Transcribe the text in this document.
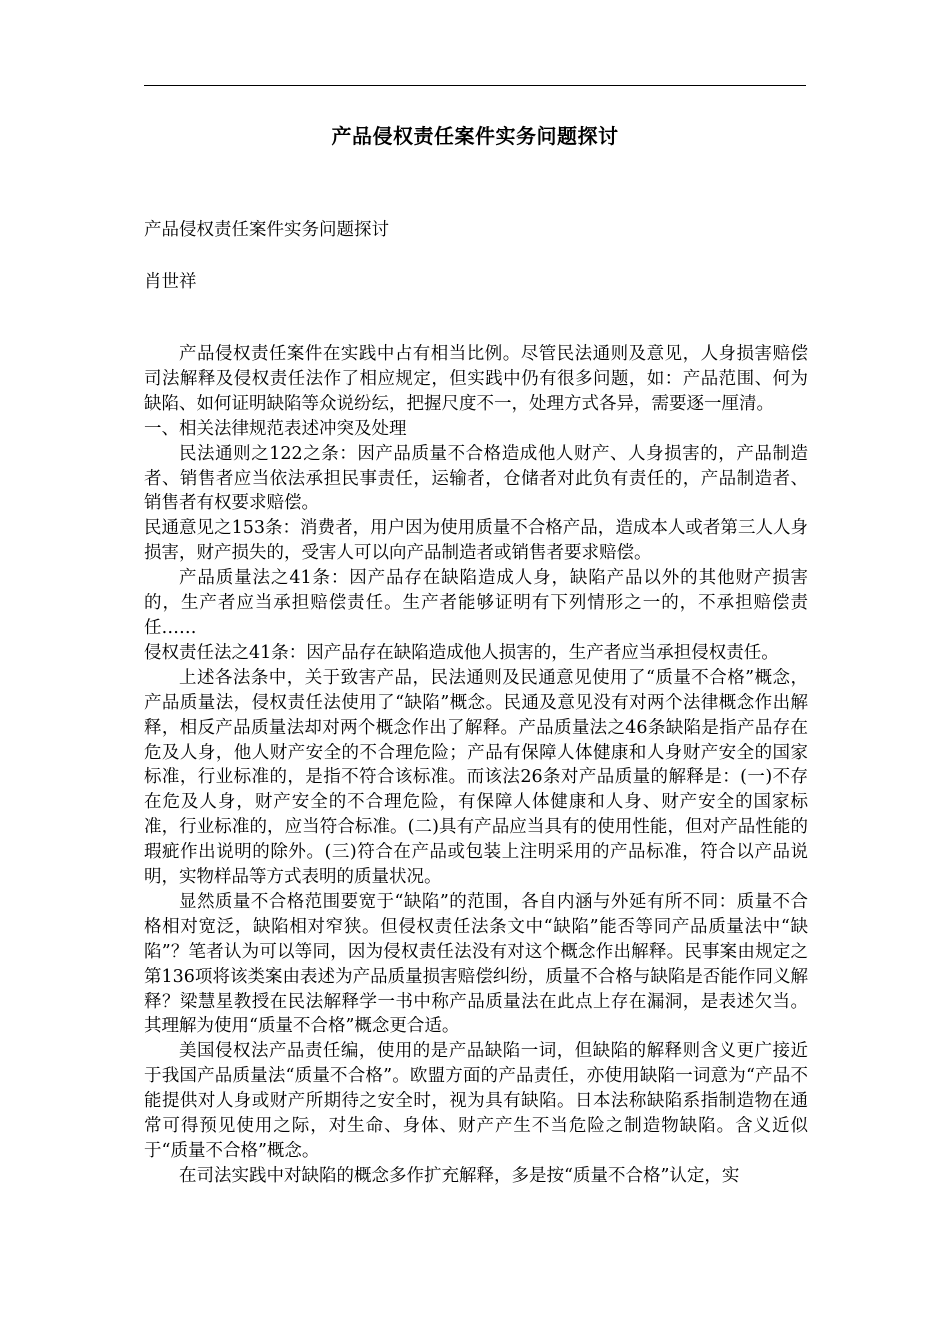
产品侵权责任案件实务问题探讨
产品侵权责任案件实务问题探讨
肖世祥

产品侵权责任案件在实践中占有相当比例。尽管民法通则及意见，人身损害赔偿司法解释及侵权责任法作了相应规定，但实践中仍有很多问题，如：产品范围、何为缺陷、如何证明缺陷等众说纷纭，把握尺度不一，处理方式各异，需要逐一厘清。

一、相关法律规范表述冲突及处理

民法通则之122之条：因产品质量不合格造成他人财产、人身损害的，产品制造者、销售者应当依法承担民事责任，运输者，仓储者对此负有责任的，产品制造者、销售者有权要求赔偿。

民通意见之153条：消费者，用户因为使用质量不合格产品，造成本人或者第三人人身损害，财产损失的，受害人可以向产品制造者或销售者要求赔偿。

产品质量法之41条：因产品存在缺陷造成人身，缺陷产品以外的其他财产损害的，生产者应当承担赔偿责任。生产者能够证明有下列情形之一的，不承担赔偿责任……

侵权责任法之41条：因产品存在缺陷造成他人损害的，生产者应当承担侵权责任。

上述各法条中，关于致害产品，民法通则及民通意见使用了“质量不合格”概念，产品质量法，侵权责任法使用了“缺陷”概念。民通及意见没有对两个法律概念作出解释，相反产品质量法却对两个概念作出了解释。产品质量法之46条缺陷是指产品存在危及人身，他人财产安全的不合理危险；产品有保障人体健康和人身财产安全的国家标准，行业标准的，是指不符合该标准。而该法26条对产品质量的解释是：(一)不存在危及人身，财产安全的不合理危险，有保障人体健康和人身、财产安全的国家标准，行业标准的，应当符合标准。(二)具有产品应当具有的使用性能，但对产品性能的瑕疵作出说明的除外。(三)符合在产品或包装上注明采用的产品标准，符合以产品说明，实物样品等方式表明的质量状况。

显然质量不合格范围要宽于“缺陷”的范围，各自内涵与外延有所不同：质量不合格相对宽泛，缺陷相对窄狭。但侵权责任法条文中“缺陷”能否等同产品质量法中“缺陷”？笔者认为可以等同，因为侵权责任法没有对这个概念作出解释。民事案由规定之第136项将该类案由表述为产品质量损害赔偿纠纷，质量不合格与缺陷是否能作同义解释？梁慧星教授在民法解释学一书中称产品质量法在此点上存在漏洞，是表述欠当。其理解为使用“质量不合格”概念更合适。

美国侵权法产品责任编，使用的是产品缺陷一词，但缺陷的解释则含义更广接近于我国产品质量法“质量不合格”。欧盟方面的产品责任，亦使用缺陷一词意为“产品不能提供对人身或财产所期待之安全时，视为具有缺陷。日本法称缺陷系指制造物在通常可得预见使用之际，对生命、身体、财产产生不当危险之制造物缺陷。含义近似于“质量不合格”概念。

在司法实践中对缺陷的概念多作扩充解释，多是按“质量不合格”认定，实
